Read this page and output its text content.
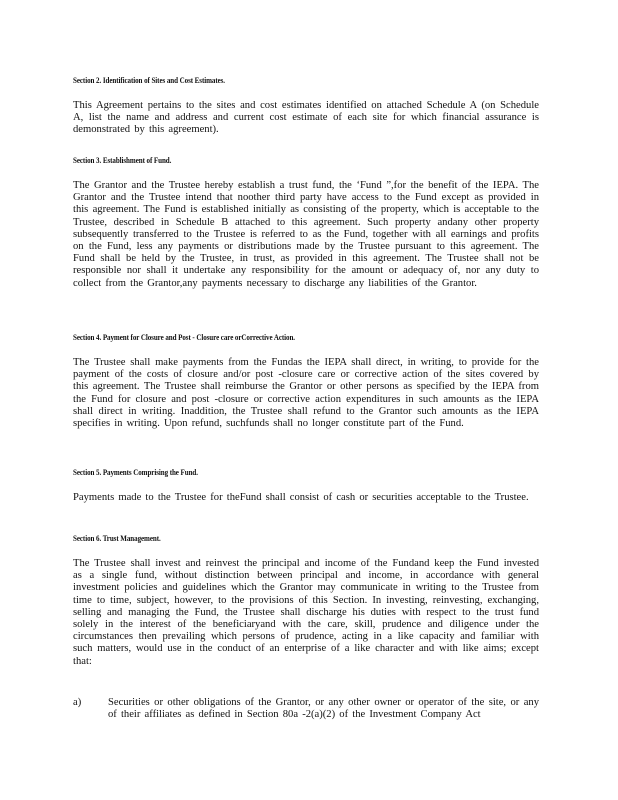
Section 2. Identification of Sites and Cost Estimates.
This Agreement pertains to the sites and cost estimates identified on attached Schedule A (on Schedule A, list the name and address and current cost estimate of each site for which financial assurance is demonstrated by this agreement).
Section 3. Establishment of Fund.
The Grantor and the Trustee hereby establish a trust fund, the ‘Fund ”,for the benefit of the IEPA. The Grantor and the Trustee intend that noother third party have access to the Fund except as provided in this agreement. The Fund is established initially as consisting of the property, which is acceptable to the Trustee, described in Schedule B attached to this agreement. Such property andany other property subsequently transferred to the Trustee is referred to as the Fund, together with all earnings and profits on the Fund, less any payments or distributions made by the Trustee pursuant to this agreement. The Fund shall be held by the Trustee, in trust, as provided in this agreement. The Trustee shall not be responsible nor shall it undertake any responsibility for the amount or adequacy of, nor any duty to collect from the Grantor,any payments necessary to discharge any liabilities of the Grantor.
Section 4. Payment for Closure and Post - Closure care orCorrective Action.
The Trustee shall make payments from the Fundas the IEPA shall direct, in writing, to provide for the payment of the costs of closure and/or post -closure care or corrective action of the sites covered by this agreement. The Trustee shall reimburse the Grantor or other persons as specified by the IEPA from the Fund for closure and post -closure or corrective action expenditures in such amounts as the IEPA shall direct in writing. Inaddition, the Trustee shall refund to the Grantor such amounts as the IEPA specifies in writing. Upon refund, suchfunds shall no longer constitute part of the Fund.
Section 5. Payments Comprising the Fund.
Payments made to the Trustee for theFund shall consist of cash or securities acceptable to the Trustee.
Section 6. Trust Management.
The Trustee shall invest and reinvest the principal and income of the Fundand keep the Fund invested as a single fund, without distinction between principal and income, in accordance with general investment policies and guidelines which the Grantor may communicate in writing to the Trustee from time to time, subject, however, to the provisions of this Section. In investing, reinvesting, exchanging, selling and managing the Fund, the Trustee shall discharge his duties with respect to the trust fund solely in the interest of the beneficiaryand with the care, skill, prudence and diligence under the circumstances then prevailing which persons of prudence, acting in a like capacity and familiar with such matters, would use in the conduct of an enterprise of a like character and with like aims; except that:
a)	Securities or other obligations of the Grantor, or any other owner or operator of the site, or any of their affiliates as defined in Section 80a -2(a)(2) of the Investment Company Act
